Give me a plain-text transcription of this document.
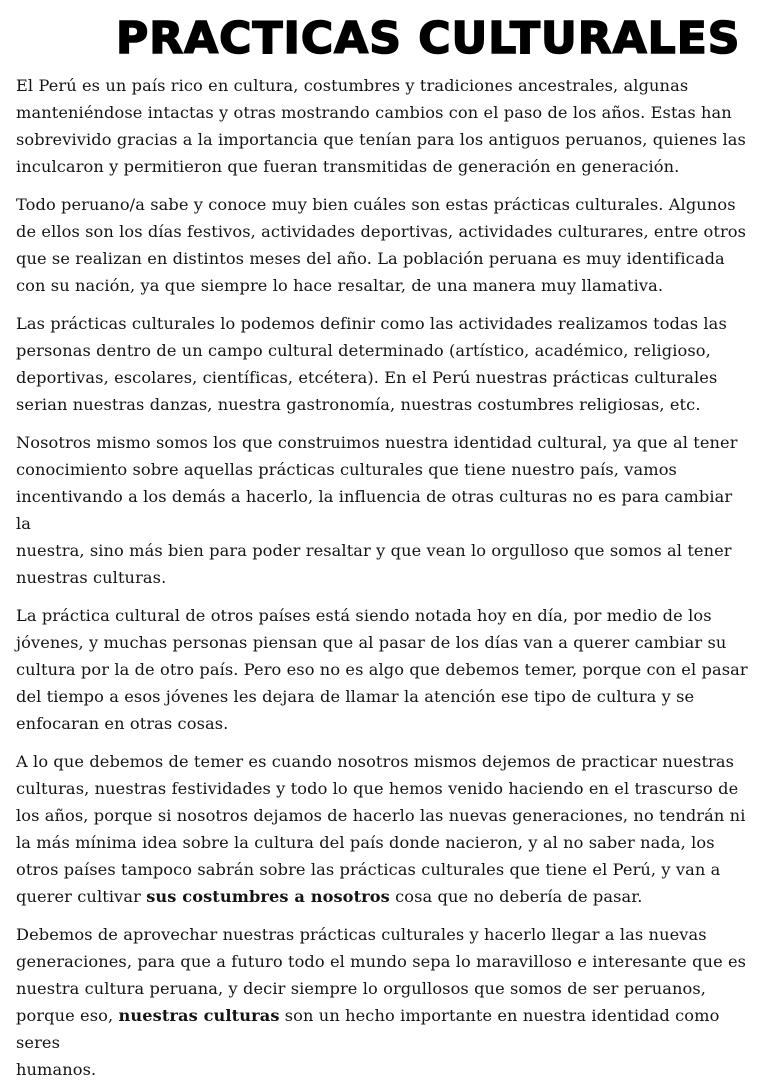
PRACTICAS CULTURALES

El Perú es un país rico en cultura, costumbres y tradiciones ancestrales, algunas
manteniéndose intactas y otras mostrando cambios con el paso de los años. Estas han
sobrevivido gracias a la importancia que tenían para los antiguos peruanos, quienes las
inculcaron y permitieron que fueran transmitidas de generación en generación.

Todo peruano/a sabe y conoce muy bien cuáles son estas prácticas culturales. Algunos
de ellos son los días festivos, actividades deportivas, actividades culturares, entre otros
que se realizan en distintos meses del año. La población peruana es muy identificada
con su nación, ya que siempre lo hace resaltar, de una manera muy llamativa.

Las prácticas culturales lo podemos definir como las actividades realizamos todas las
personas dentro de un campo cultural determinado (artístico, académico, religioso,
deportivas, escolares, científicas, etcétera). En el Perú nuestras prácticas culturales
serian nuestras danzas, nuestra gastronomía, nuestras costumbres religiosas, etc.

Nosotros mismo somos los que construimos nuestra identidad cultural, ya que al tener
conocimiento sobre aquellas prácticas culturales que tiene nuestro país, vamos
incentivando a los demás a hacerlo, la influencia de otras culturas no es para cambiar la
nuestra, sino más bien para poder resaltar y que vean lo orgulloso que somos al tener
nuestras culturas.

La práctica cultural de otros países está siendo notada hoy en día, por medio de los
jóvenes, y muchas personas piensan que al pasar de los días van a querer cambiar su
cultura por la de otro país. Pero eso no es algo que debemos temer, porque con el pasar
del tiempo a esos jóvenes les dejara de llamar la atención ese tipo de cultura y se
enfocaran en otras cosas.

A lo que debemos de temer es cuando nosotros mismos dejemos de practicar nuestras
culturas, nuestras festividades y todo lo que hemos venido haciendo en el trascurso de
los años, porque si nosotros dejamos de hacerlo las nuevas generaciones, no tendrán ni
la más mínima idea sobre la cultura del país donde nacieron, y al no saber nada, los
otros países tampoco sabrán sobre las prácticas culturales que tiene el Perú, y van a
querer cultivar sus costumbres a nosotros cosa que no debería de pasar.

Debemos de aprovechar nuestras prácticas culturales y hacerlo llegar a las nuevas
generaciones, para que a futuro todo el mundo sepa lo maravilloso e interesante que es
nuestra cultura peruana, y decir siempre lo orgullosos que somos de ser peruanos,
porque eso, nuestras culturas son un hecho importante en nuestra identidad como seres
humanos.
